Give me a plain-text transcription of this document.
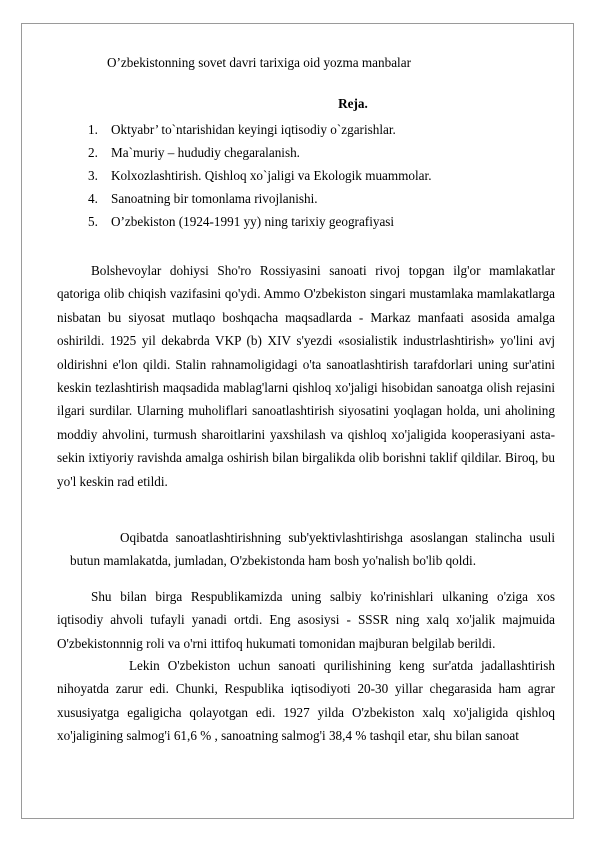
O’zbekistonning sovet davri tarixiga oid yozma manbalar
Reja.
1. Oktyabr’ to`ntarishidan keyingi iqtisodiy o`zgarishlar.
2. Ma`muriy – hududiy chegaralanish.
3. Kolxozlashtirish. Qishloq xo`jaligi va Ekologik muammolar.
4. Sanoatning bir tomonlama rivojlanishi.
5. O’zbekiston (1924-1991 yy) ning tarixiy geografiyasi

Bolshevoylar dohiysi Sho'ro Rossiyasini sanoati rivoj topgan ilg'or mamlakatlar qatoriga olib chiqish vazifasini qo'ydi. Ammo O'zbekiston singari mustamlaka mamlakatlarga nisbatan bu siyosat mutlaqo boshqacha maqsadlarda - Markaz manfaati asosida amalga oshirildi. 1925 yil dekabrda VKP (b) XIV s'yezdi «sosialistik industrlashtirish» yo'lini avj oldirishni e'lon qildi. Stalin rahnamoligidagi o'ta sanoatlashtirish tarafdorlari uning sur'atini keskin tezlashtirish maqsadida mablag'larni qishloq xo'jaligi hisobidan sanoatga olish rejasini ilgari surdilar. Ularning muholiflari sanoatlashtirish siyosatini yoqlagan holda, uni aholining moddiy ahvolini, turmush sharoitlarini yaxshilash va qishloq xo'jaligida kooperasiyani asta-sekin ixtiyoriy ravishda amalga oshirish bilan birgalikda olib borishni taklif qildilar. Biroq, bu yo'l keskin rad etildi.

Oqibatda sanoatlashtirishning sub'yektivlashtirishga asoslangan stalincha usuli butun mamlakatda, jumladan, O'zbekistonda ham bosh yo'nalish bo'lib qoldi.

Shu bilan birga Respublikamizda uning salbiy ko'rinishlari ulkaning o'ziga xos iqtisodiy ahvoli tufayli yanadi ortdi. Eng asosiysi - SSSR ning xalq xo'jalik majmuida O'zbekistonnnig roli va o'rni ittifoq hukumati tomonidan majburan belgilab berildi.

Lekin O'zbekiston uchun sanoati qurilishining keng sur'atda jadallashtirish nihoyatda zarur edi. Chunki, Respublika iqtisodiyoti 20-30 yillar chegarasida ham agrar xususiyatga egaligicha qolayotgan edi. 1927 yilda O'zbekiston xalq xo'jaligida qishloq xo'jaligining salmog'i 61,6 % , sanoatning salmog'i 38,4 % tashqil etar, shu bilan sanoat
